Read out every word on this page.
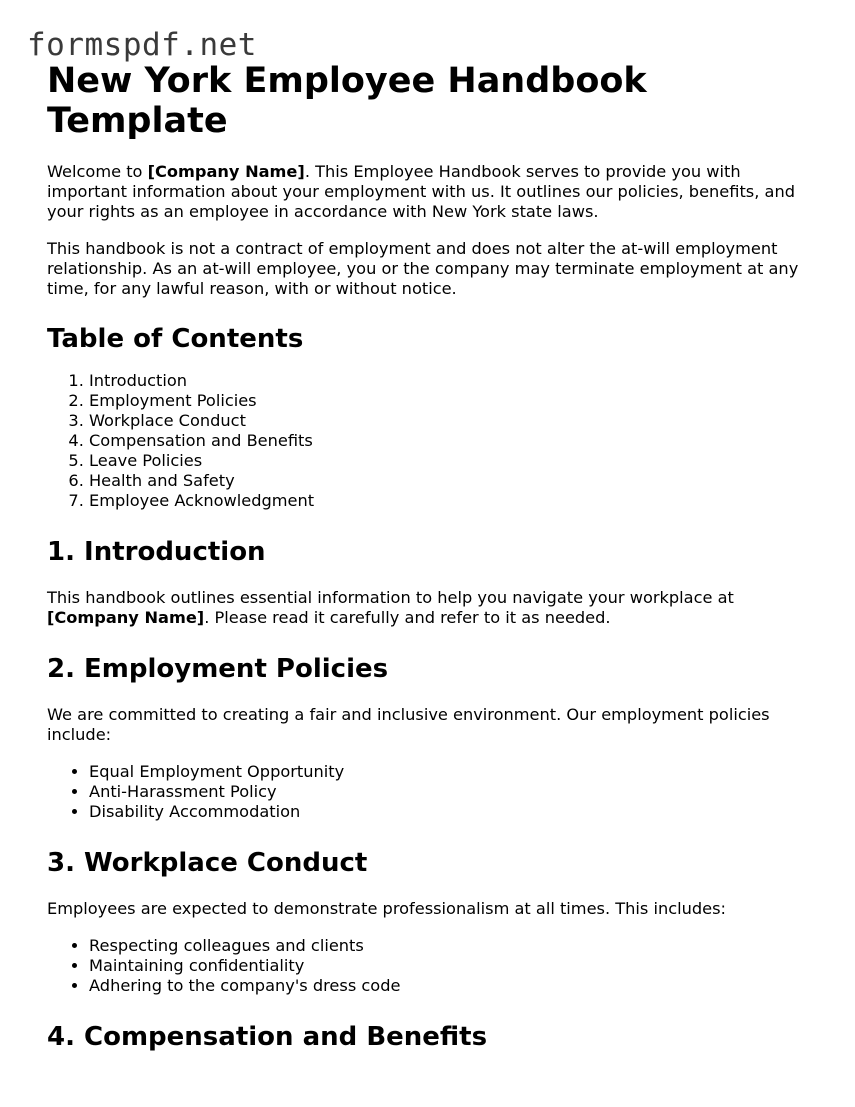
formspdf.net
New York Employee Handbook Template

Welcome to [Company Name]. This Employee Handbook serves to provide you with important information about your employment with us. It outlines our policies, benefits, and your rights as an employee in accordance with New York state laws.

This handbook is not a contract of employment and does not alter the at-will employment relationship. As an at-will employee, you or the company may terminate employment at any time, for any lawful reason, with or without notice.

Table of Contents
1. Introduction
2. Employment Policies
3. Workplace Conduct
4. Compensation and Benefits
5. Leave Policies
6. Health and Safety
7. Employee Acknowledgment
1. Introduction

This handbook outlines essential information to help you navigate your workplace at [Company Name]. Please read it carefully and refer to it as needed.

2. Employment Policies

We are committed to creating a fair and inclusive environment. Our employment policies include:

• Equal Employment Opportunity
• Anti-Harassment Policy
• Disability Accommodation
3. Workplace Conduct

Employees are expected to demonstrate professionalism at all times. This includes:

• Respecting colleagues and clients
• Maintaining confidentiality
• Adhering to the company's dress code
4. Compensation and Benefits
